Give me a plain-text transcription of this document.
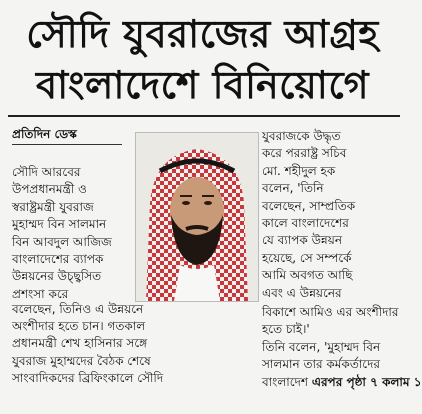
সৌদি যুবরাজের আগ্রহ
বাংলাদেশে বিনিয়োগে
প্রতিদিন ডেস্ক
সৌদি আরবের
উপপ্রধানমন্ত্রী ও
স্বরাষ্ট্রমন্ত্রী যুবরাজ
মুহাম্মদ বিন সালমান
বিন আবদুল আজিজ
বাংলাদেশের ব্যাপক
উন্নয়নের উচ্ছ্বসিত
প্রশংসা করে
বলেছেন, তিনিও এ উন্নয়নে
অংশীদার হতে চান। গতকাল
প্রধানমন্ত্রী শেখ হাসিনার সঙ্গে
যুবরাজ মুহাম্মদের বৈঠক শেষে
সাংবাদিকদের ব্রিফিংকালে সৌদি
যুবরাজকে উদ্ধৃত
করে পররাষ্ট্র সচিব
মো. শহীদুল হক
বলেন, 'তিনি
বলেছেন, সাম্প্রতিক
কালে বাংলাদেশের
যে ব্যাপক উন্নয়ন
হয়েছে, সে সম্পর্কে
আমি অবগত আছি
এবং এ উন্নয়নের
বিকাশে আমিও এর অংশীদার
হতে চাই।'
তিনি বলেন, 'মুহাম্মদ বিন
সালমান তার কর্মকর্তাদের
বাংলাদেশ এরপর পৃষ্ঠা ৭ কলাম ১
